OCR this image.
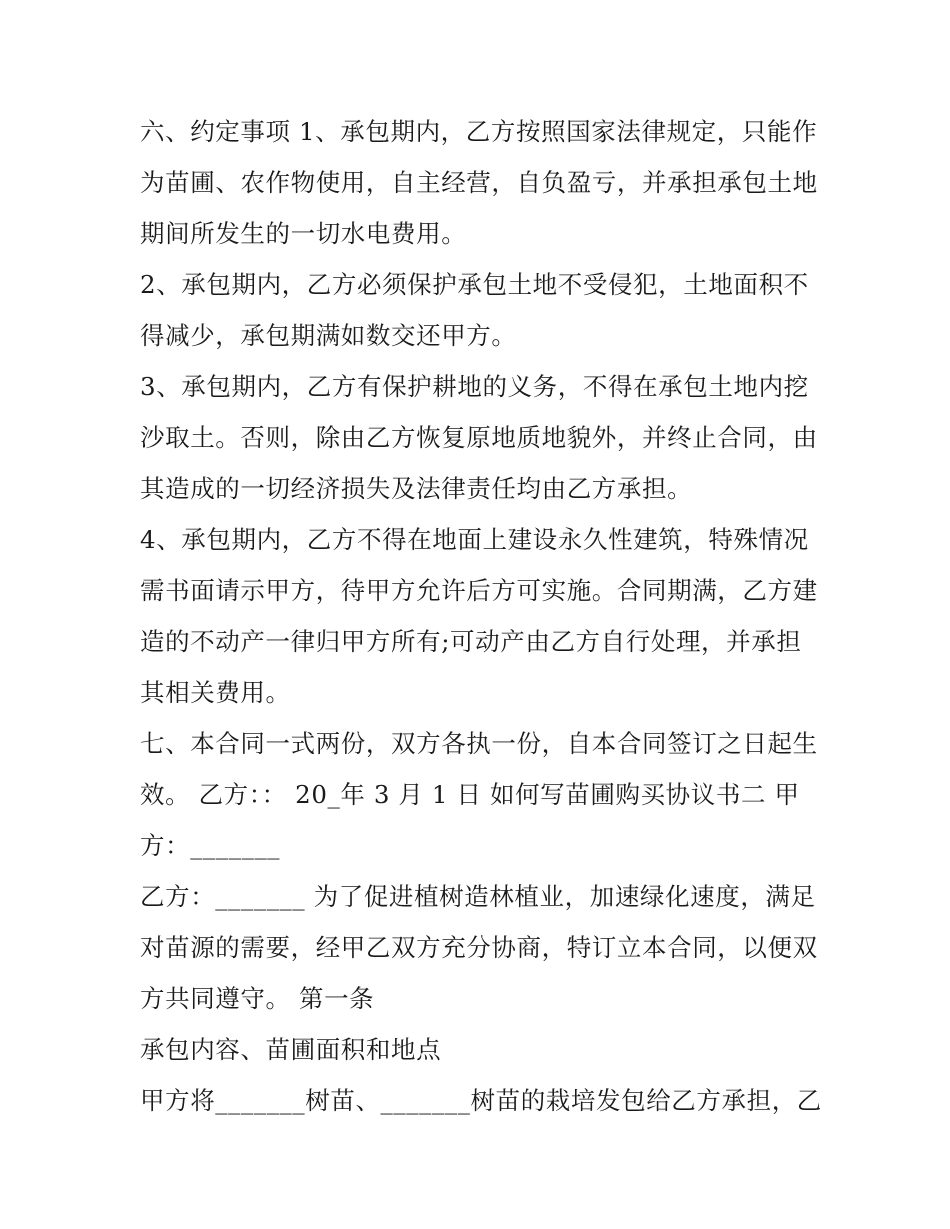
六、约定事项 1、承包期内，乙方按照国家法律规定，只能作
为苗圃、农作物使用，自主经营，自负盈亏，并承担承包土地
期间所发生的一切水电费用。
2、承包期内，乙方必须保护承包土地不受侵犯，土地面积不
得减少，承包期满如数交还甲方。
3、承包期内，乙方有保护耕地的义务，不得在承包土地内挖
沙取土。否则，除由乙方恢复原地质地貌外，并终止合同，由
其造成的一切经济损失及法律责任均由乙方承担。
4、承包期内，乙方不得在地面上建设永久性建筑，特殊情况
需书面请示甲方，待甲方允许后方可实施。合同期满，乙方建
造的不动产一律归甲方所有;可动产由乙方自行处理，并承担
其相关费用。
七、本合同一式两份，双方各执一份，自本合同签订之日起生
效。 乙方：： 20_年 3 月 1 日 如何写苗圃购买协议书二 甲
方：_______
乙方：_______ 为了促进植树造林植业，加速绿化速度，满足
对苗源的需要，经甲乙双方充分协商，特订立本合同，以便双
方共同遵守。 第一条
承包内容、苗圃面积和地点
甲方将_______树苗、_______树苗的栽培发包给乙方承担，乙
